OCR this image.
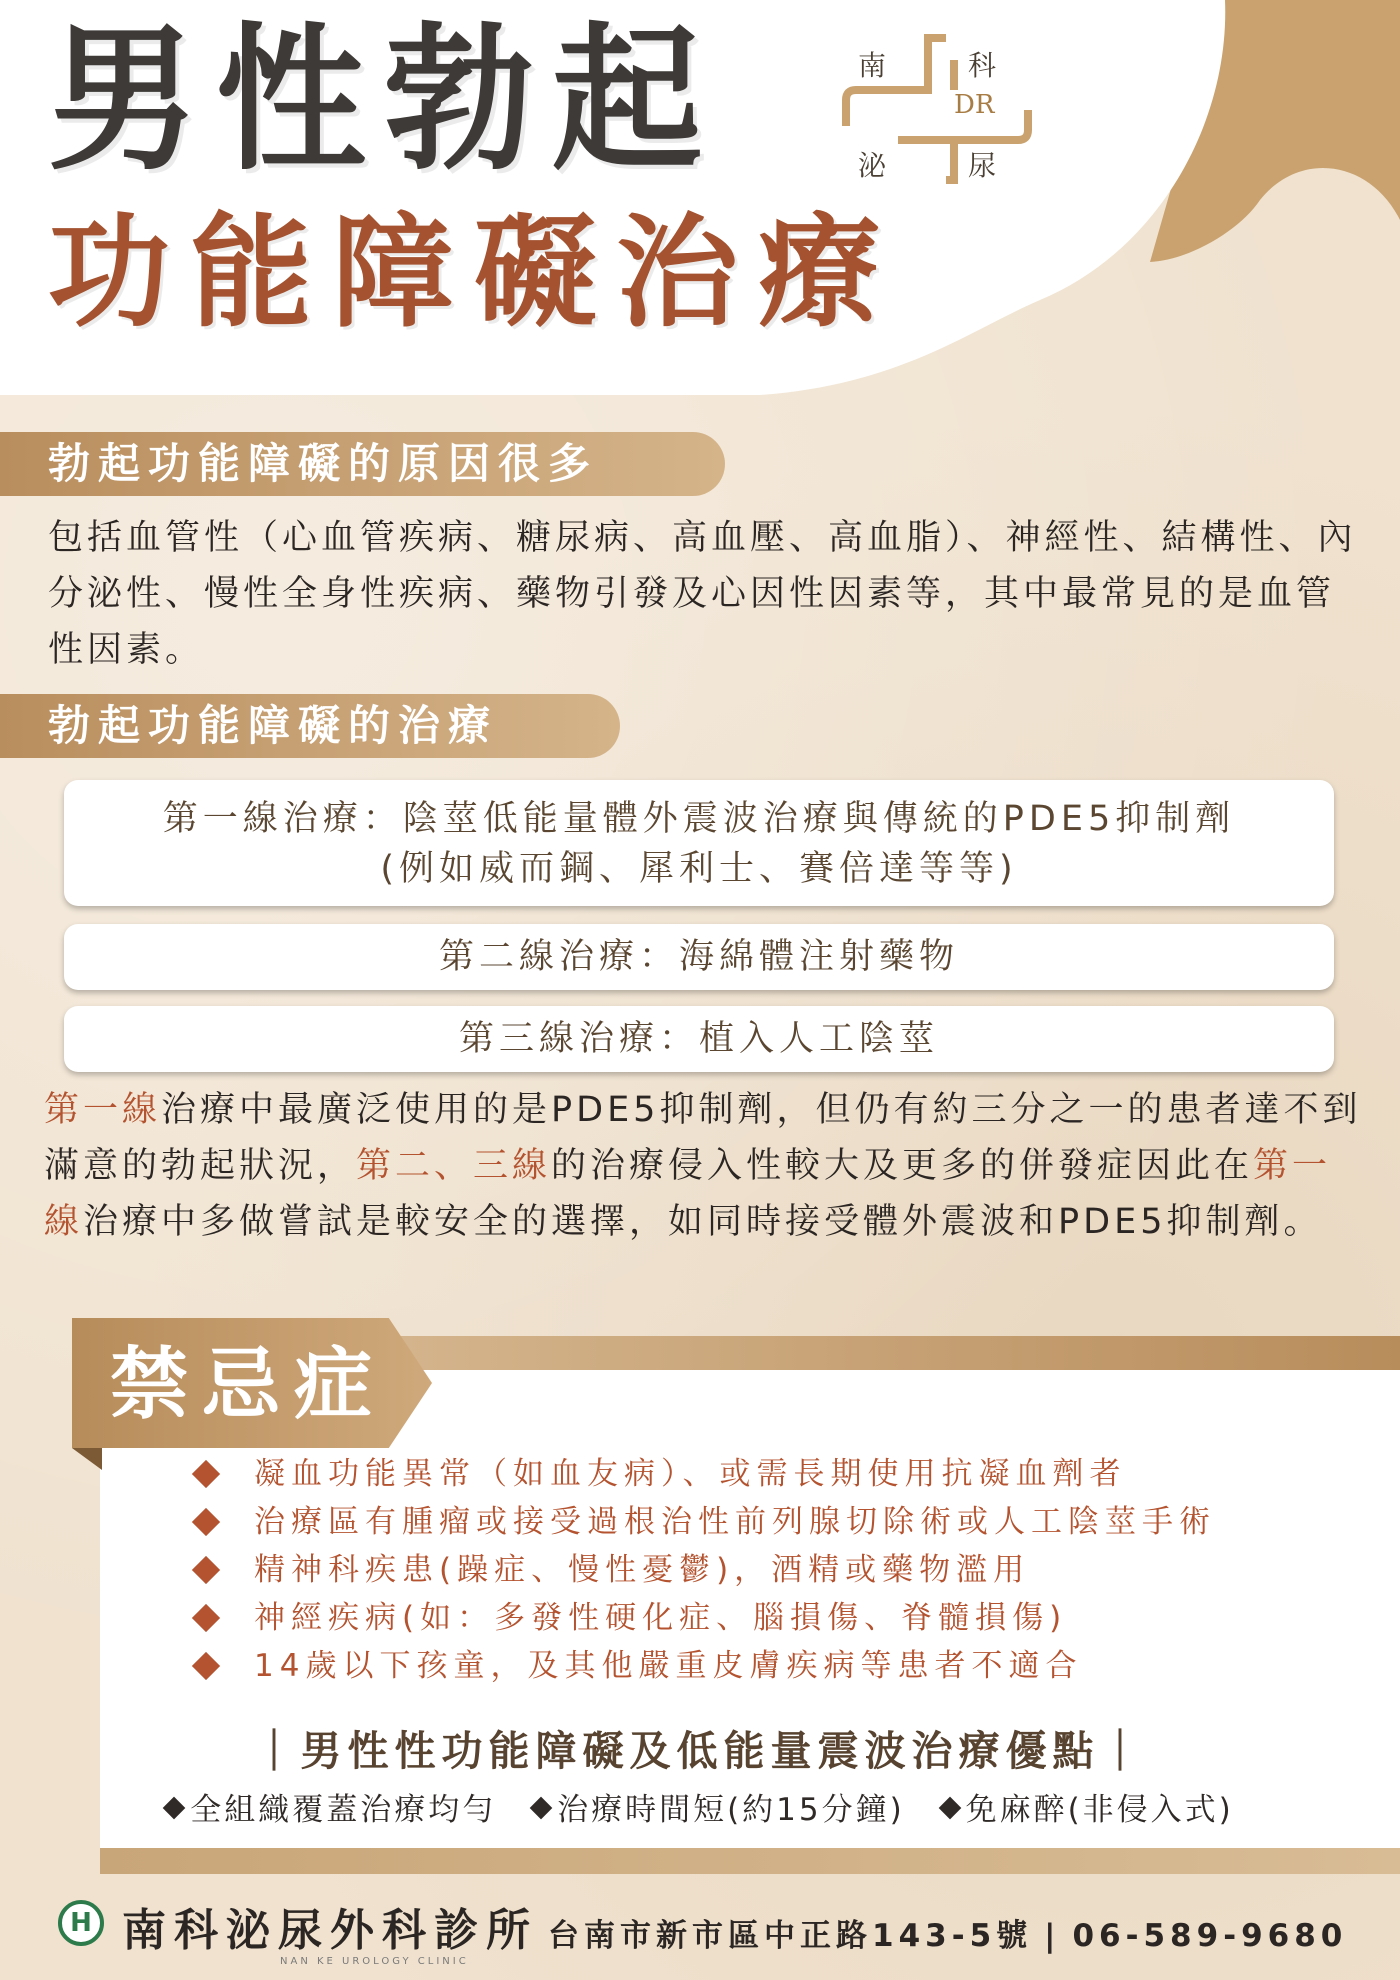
男性勃起
功能障礙治療
南	科
泌	尿
DR
勃起功能障礙的原因很多
包括血管性（心血管疾病、糖尿病、高血壓、高血脂）、神經性、結構性、內分泌性、慢性全身性疾病、藥物引發及心因性因素等，其中最常見的是血管性因素。
勃起功能障礙的治療
第一線治療：陰莖低能量體外震波治療與傳統的PDE5抑制劑
(例如威而鋼、犀利士、賽倍達等等)
第二線治療：海綿體注射藥物
第三線治療：植入人工陰莖
第一線治療中最廣泛使用的是PDE5抑制劑，但仍有約三分之一的患者達不到滿意的勃起狀況，第二、三線的治療侵入性較大及更多的併發症因此在第一線治療中多做嘗試是較安全的選擇，如同時接受體外震波和PDE5抑制劑。
禁忌症
凝血功能異常（如血友病）、或需長期使用抗凝血劑者
治療區有腫瘤或接受過根治性前列腺切除術或人工陰莖手術
精神科疾患(躁症、慢性憂鬱)，酒精或藥物濫用
神經疾病(如：多發性硬化症、腦損傷、脊髓損傷)
14歲以下孩童，及其他嚴重皮膚疾病等患者不適合
｜男性性功能障礙及低能量震波治療優點｜
全組織覆蓋治療均勻 治療時間短(約15分鐘) 免麻醉(非侵入式)
H 南科泌尿外科診所
NAN KE UROLOGY CLINIC
台南市新市區中正路143-5號 | 06-589-9680
